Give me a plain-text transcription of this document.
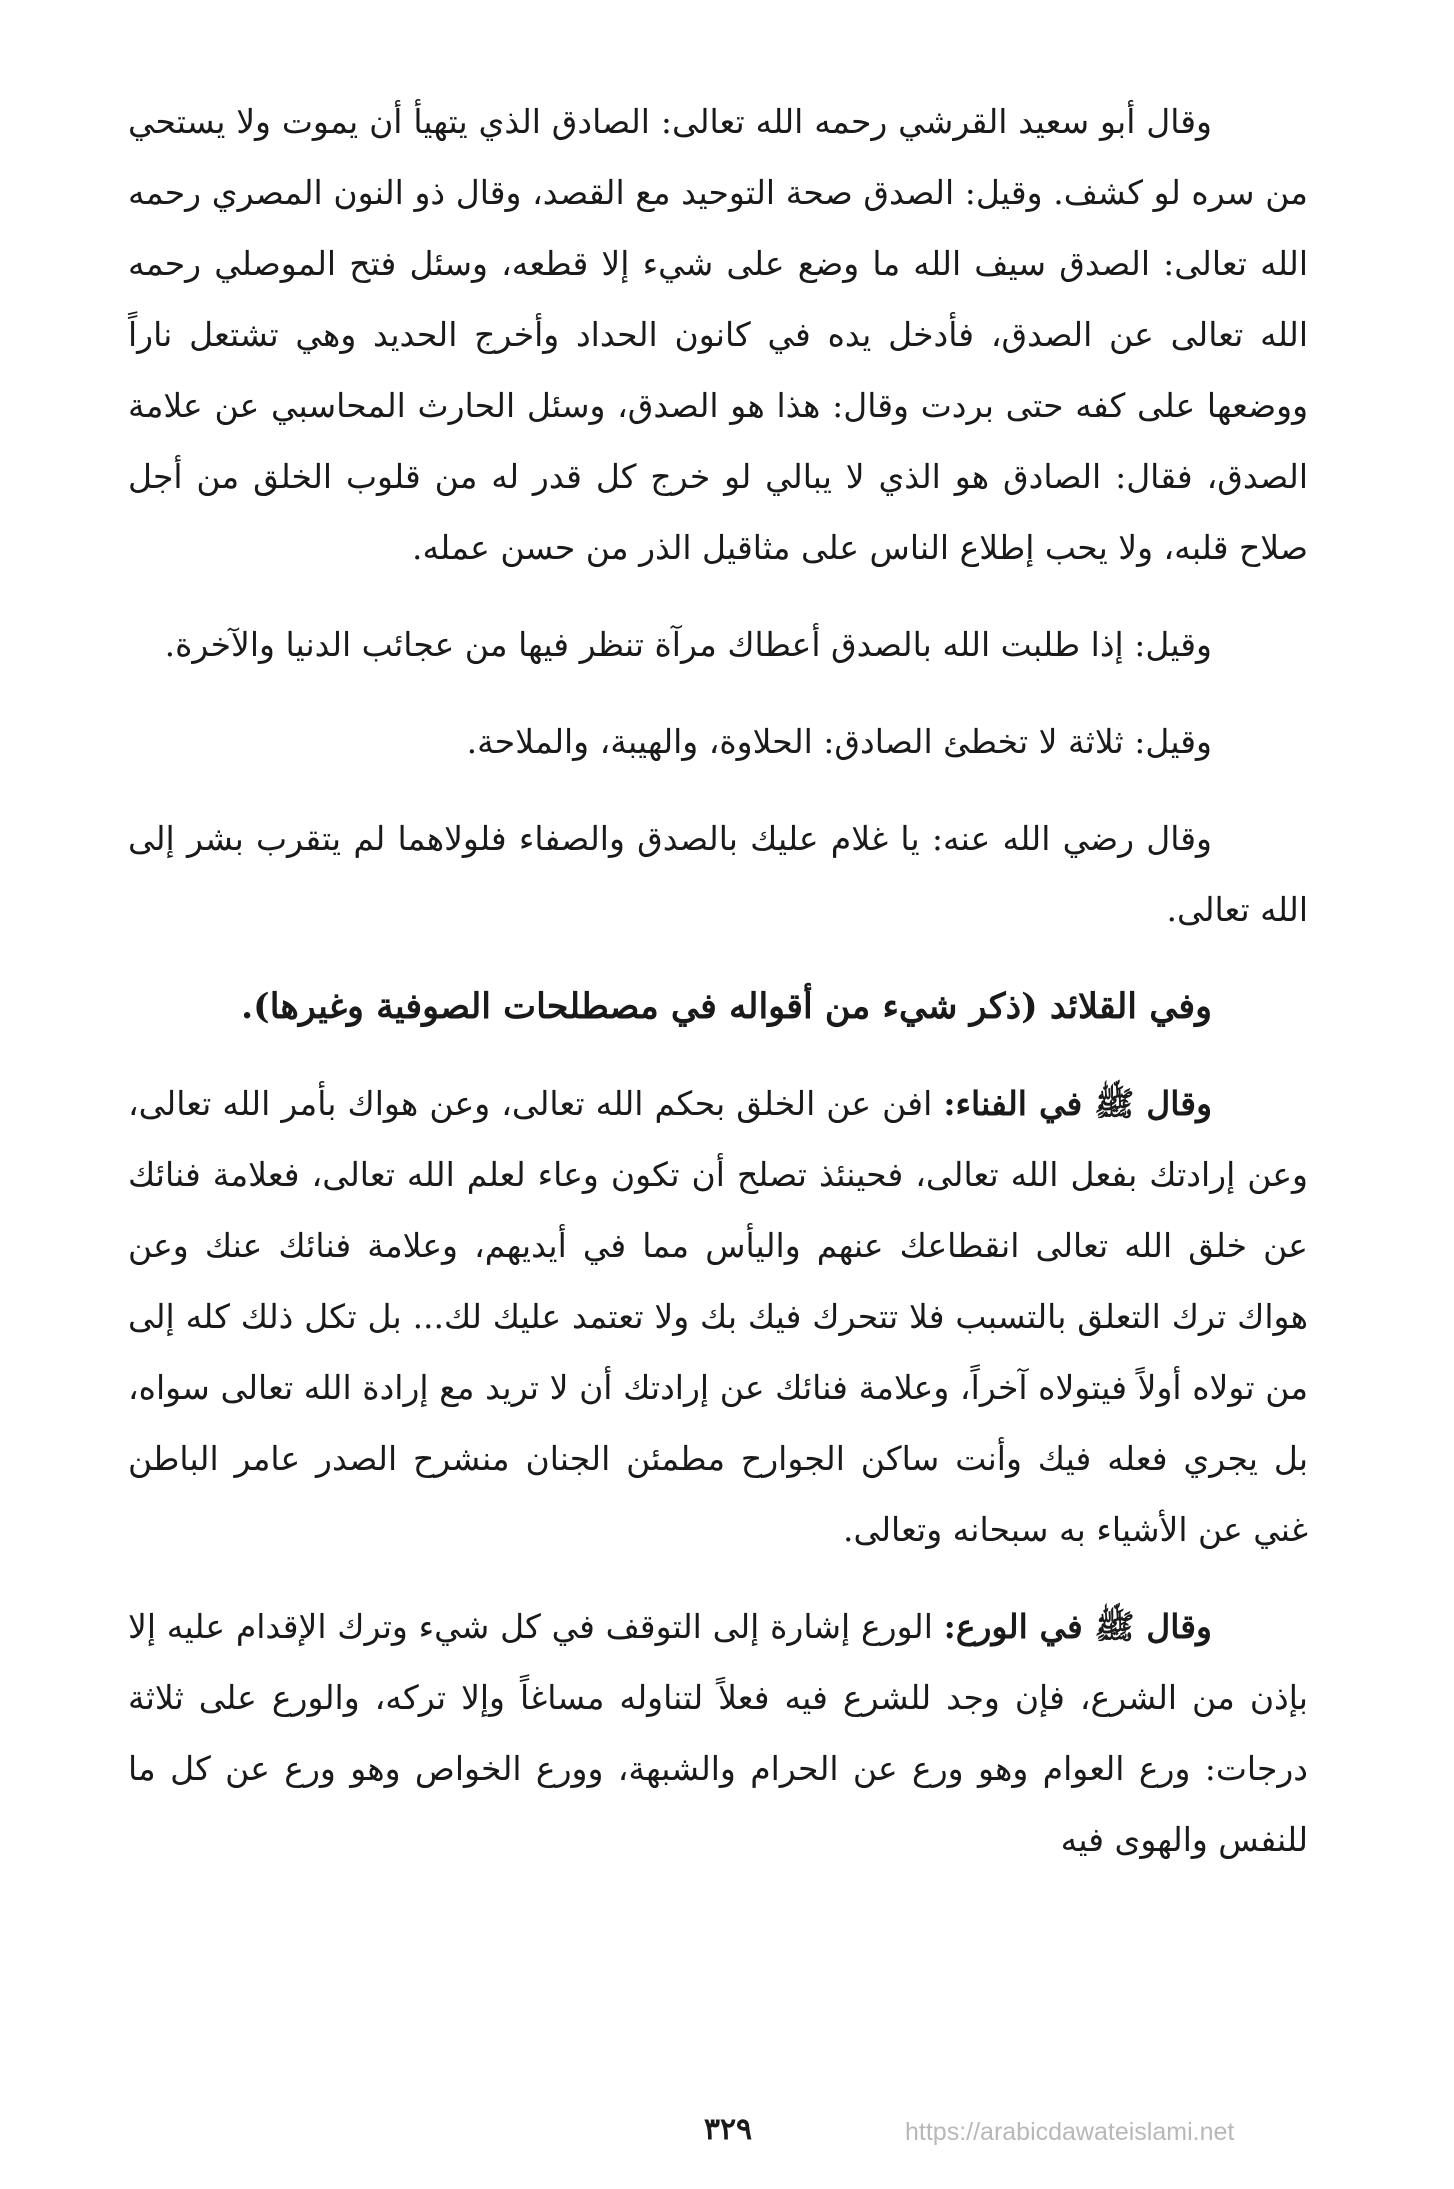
وقال أبو سعيد القرشي رحمه الله تعالى: الصادق الذي يتهيأ أن يموت ولا يستحي من سره لو كشف. وقيل: الصدق صحة التوحيد مع القصد، وقال ذو النون المصري رحمه الله تعالى: الصدق سيف الله ما وضع على شيء إلا قطعه، وسئل فتح الموصلي رحمه الله تعالى عن الصدق، فأدخل يده في كانون الحداد وأخرج الحديد وهي تشتعل ناراً ووضعها على كفه حتى بردت وقال: هذا هو الصدق، وسئل الحارث المحاسبي عن علامة الصدق، فقال: الصادق هو الذي لا يبالي لو خرج كل قدر له من قلوب الخلق من أجل صلاح قلبه، ولا يحب إطلاع الناس على مثاقيل الذر من حسن عمله.

وقيل: إذا طلبت الله بالصدق أعطاك مرآة تنظر فيها من عجائب الدنيا والآخرة.

وقيل: ثلاثة لا تخطئ الصادق: الحلاوة، والهيبة، والملاحة.

وقال رضي الله عنه: يا غلام عليك بالصدق والصفاء فلولاهما لم يتقرب بشر إلى الله تعالى.

وفي القلائد (ذكر شيء من أقواله في مصطلحات الصوفية وغيرها).

وقال ﷺ في الفناء: افن عن الخلق بحكم الله تعالى، وعن هواك بأمر الله تعالى، وعن إرادتك بفعل الله تعالى، فحينئذ تصلح أن تكون وعاء لعلم الله تعالى، فعلامة فنائك عن خلق الله تعالى انقطاعك عنهم واليأس مما في أيديهم، وعلامة فنائك عنك وعن هواك ترك التعلق بالتسبب فلا تتحرك فيك بك ولا تعتمد عليك لك... بل تكل ذلك كله إلى من تولاه أولاً فيتولاه آخراً، وعلامة فنائك عن إرادتك أن لا تريد مع إرادة الله تعالى سواه، بل يجري فعله فيك وأنت ساكن الجوارح مطمئن الجنان منشرح الصدر عامر الباطن غني عن الأشياء به سبحانه وتعالى.

وقال ﷺ في الورع: الورع إشارة إلى التوقف في كل شيء وترك الإقدام عليه إلا بإذن من الشرع، فإن وجد للشرع فيه فعلاً لتناوله مساغاً وإلا تركه، والورع على ثلاثة درجات: ورع العوام وهو ورع عن الحرام والشبهة، وورع الخواص وهو ورع عن كل ما للنفس والهوى فيه

٣٢٩	https://arabicdawateislami.net
